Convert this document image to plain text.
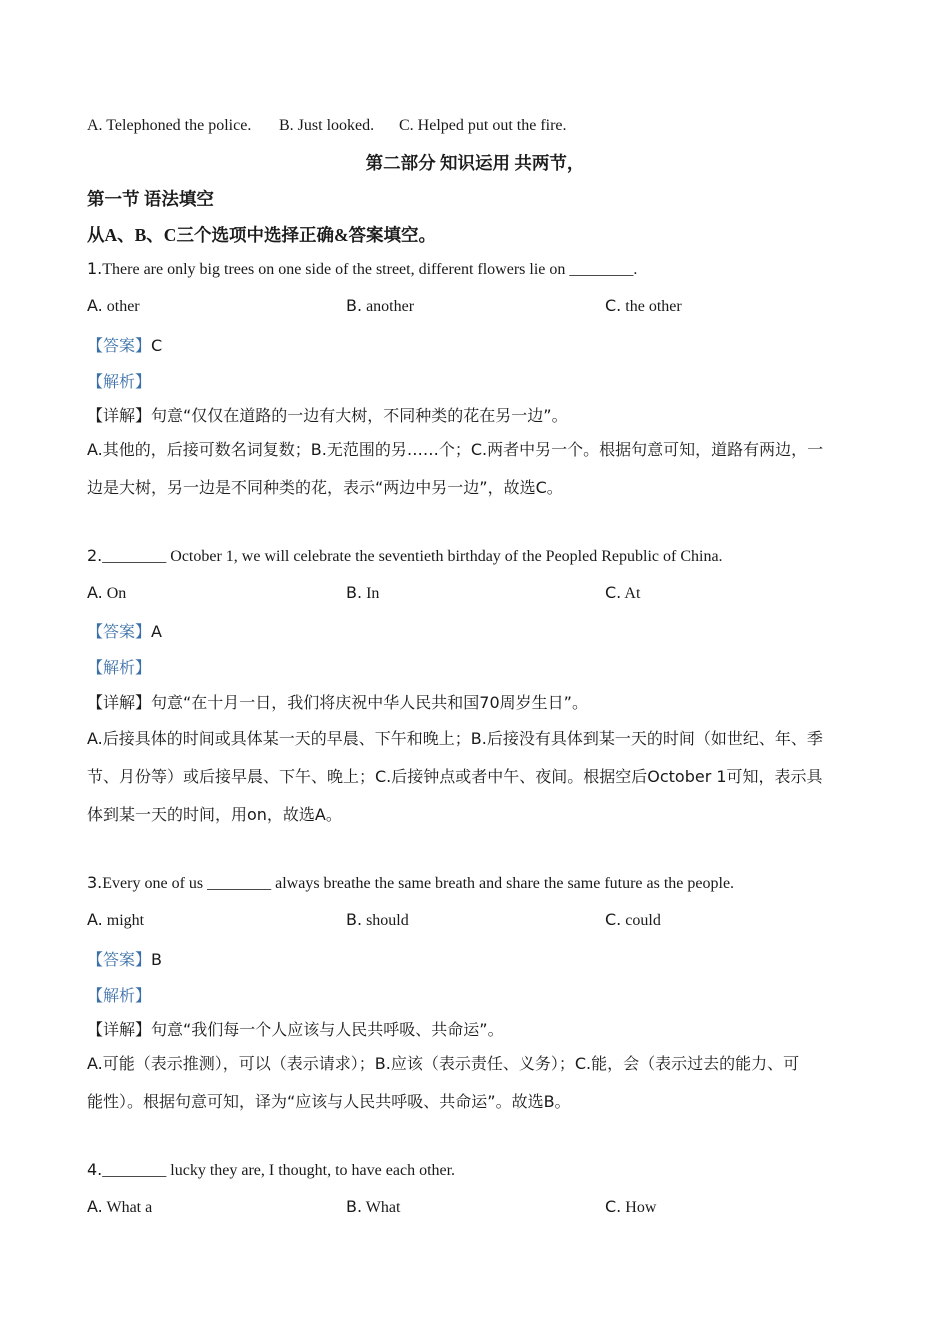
A. Telephoned the police. B. Just looked. C. Helped put out the fire.
第二部分 知识运用 共两节，
第一节 语法填空
从A、B、C三个选项中选择正确&答案填空。
1.There are only big trees on one side of the street, different flowers lie on ________.
A. other	B. another	C. the other
【答案】C
【解析】
【详解】句意“仅仅在道路的一边有大树，不同种类的花在另一边”。
A.其他的，后接可数名词复数；B.无范围的另……个；C.两者中另一个。根据句意可知，道路有两边，一
边是大树，另一边是不同种类的花，表示“两边中另一边”，故选C。
2.________ October 1, we will celebrate the seventieth birthday of the Peopled Republic of China.
A. On	B. In	C. At
【答案】A
【解析】
【详解】句意“在十月一日，我们将庆祝中华人民共和国70周岁生日”。
A.后接具体的时间或具体某一天的早晨、下午和晚上；B.后接没有具体到某一天的时间（如世纪、年、季
节、月份等）或后接早晨、下午、晚上；C.后接钟点或者中午、夜间。根据空后October 1可知，表示具
体到某一天的时间，用on，故选A。
3.Every one of us ________ always breathe the same breath and share the same future as the people.
A. might	B. should	C. could
【答案】B
【解析】
【详解】句意“我们每一个人应该与人民共呼吸、共命运”。
A.可能（表示推测），可以（表示请求）；B.应该（表示责任、义务）；C.能，会（表示过去的能力、可
能性）。根据句意可知，译为“应该与人民共呼吸、共命运”。故选B。
4.________ lucky they are, I thought, to have each other.
A. What a	B. What	C. How
